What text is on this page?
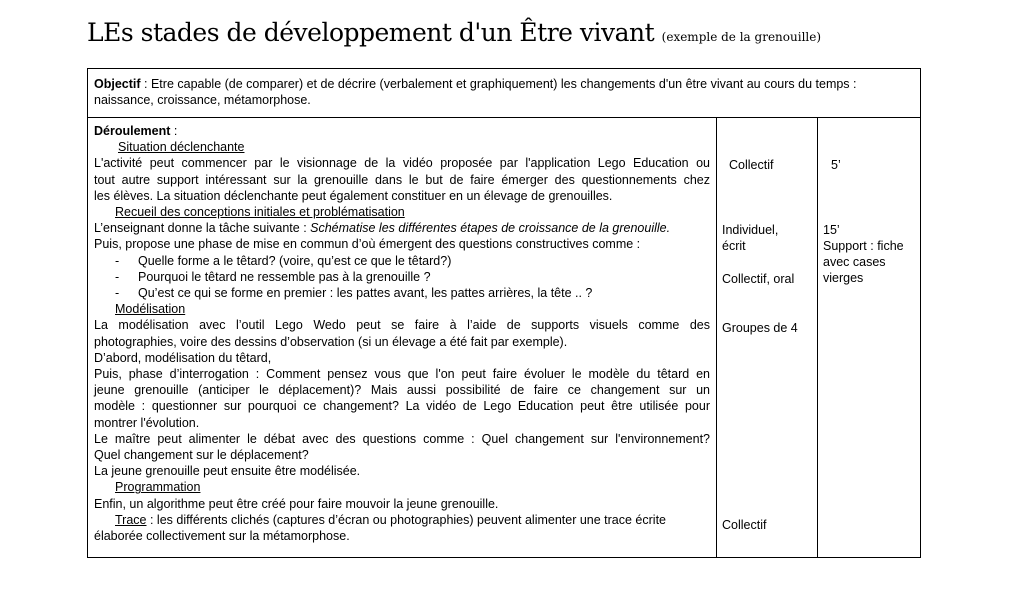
LEs stades de développement d'un Être vivant (exemple de la grenouille)
Objectif : Etre capable (de comparer) et de décrire (verbalement et graphiquement) les changements d'un être vivant au cours du temps :
naissance, croissance, métamorphose.
Déroulement :
Situation déclenchante
L'activité peut commencer par le visionnage de la vidéo proposée par l'application Lego Education ou
tout autre support intéressant sur la grenouille dans le but de faire émerger des questionnements chez
les élèves. La situation déclenchante peut également constituer en un élevage de grenouilles.
Recueil des conceptions initiales et problématisation
L’enseignant donne la tâche suivante : Schématise les différentes étapes de croissance de la grenouille.
Puis, propose une phase de mise en commun d’où émergent des questions constructives comme :
- Quelle forme a le têtard? (voire, qu’est ce que le têtard?)
- Pourquoi le têtard ne ressemble pas à la grenouille ?
- Qu’est ce qui se forme en premier : les pattes avant, les pattes arrières, la tête .. ?
Modélisation
La modélisation avec l’outil Lego Wedo peut se faire à l’aide de supports visuels comme des
photographies, voire des dessins d’observation (si un élevage a été fait par exemple).
D’abord, modélisation du têtard,
Puis, phase d’interrogation : Comment pensez vous que l'on peut faire évoluer le modèle du têtard en
jeune grenouille (anticiper le déplacement)? Mais aussi possibilité de faire ce changement sur un
modèle : questionner sur pourquoi ce changement? La vidéo de Lego Education peut être utilisée pour
montrer l'évolution.
Le maître peut alimenter le débat avec des questions comme : Quel changement sur l'environnement?
Quel changement sur le déplacement?
La jeune grenouille peut ensuite être modélisée.
Programmation
Enfin, un algorithme peut être créé pour faire mouvoir la jeune grenouille.
Trace : les différents clichés (captures d’écran ou photographies) peuvent alimenter une trace écrite
élaborée collectivement sur la métamorphose.
Collectif
Individuel,
écrit
Collectif, oral
Groupes de 4
Collectif
5’
15’
Support : fiche
avec cases
vierges
